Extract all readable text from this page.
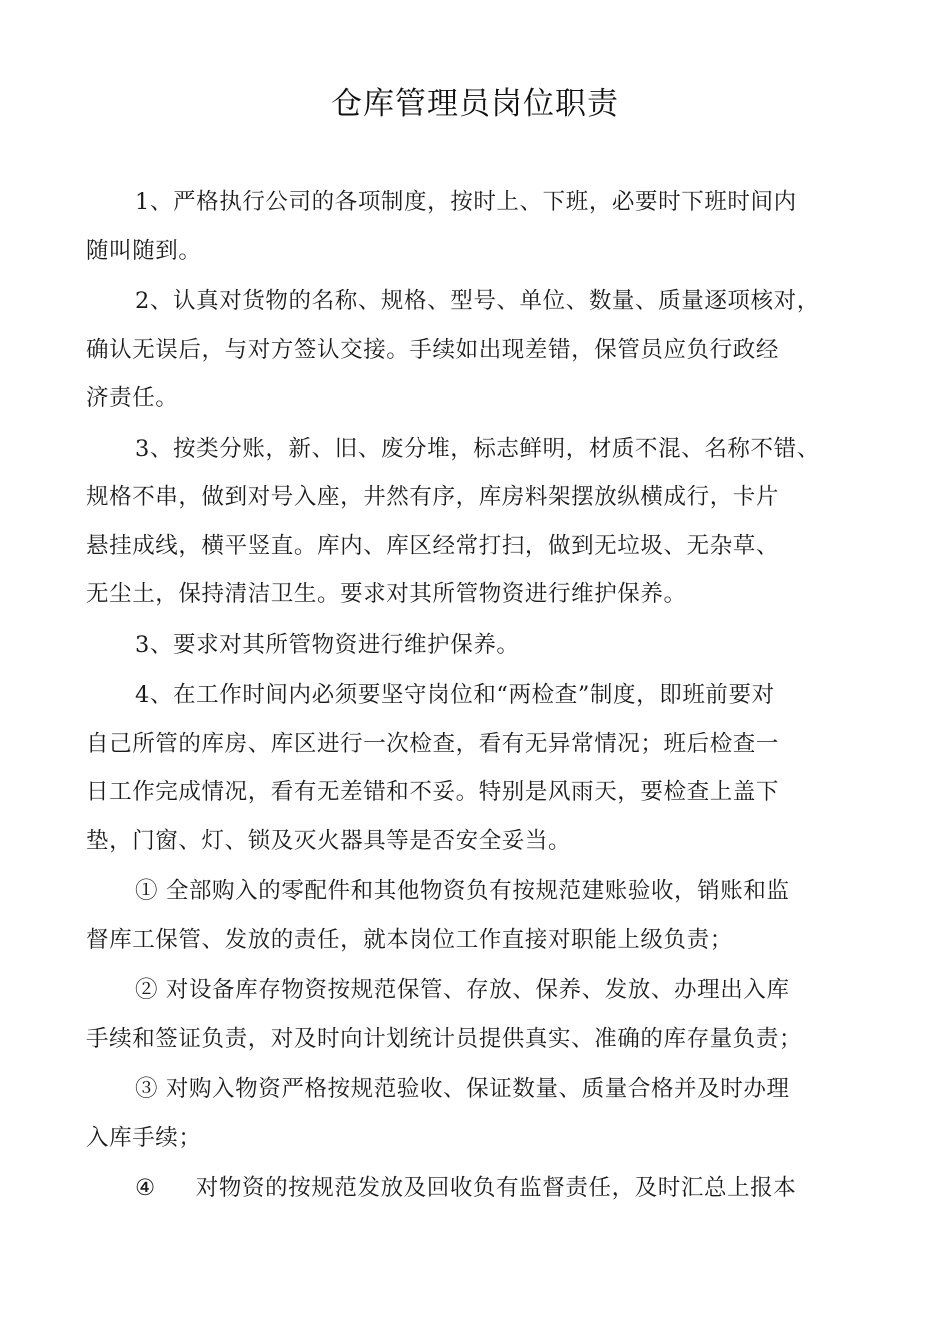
仓库管理员岗位职责
1、严格执行公司的各项制度，按时上、下班，必要时下班时间内
随叫随到。
2、认真对货物的名称、规格、型号、单位、数量、质量逐项核对，
确认无误后，与对方签认交接。手续如出现差错，保管员应负行政经
济责任。
3、按类分账，新、旧、废分堆，标志鲜明，材质不混、名称不错、
规格不串，做到对号入座，井然有序，库房料架摆放纵横成行，卡片
悬挂成线，横平竖直。库内、库区经常打扫，做到无垃圾、无杂草、
无尘土，保持清洁卫生。要求对其所管物资进行维护保养。
3、要求对其所管物资进行维护保养。
4、在工作时间内必须要坚守岗位和“两检查”制度，即班前要对
自己所管的库房、库区进行一次检查，看有无异常情况；班后检查一
日工作完成情况，看有无差错和不妥。特别是风雨天，要检查上盖下
垫，门窗、灯、锁及灭火器具等是否安全妥当。
① 全部购入的零配件和其他物资负有按规范建账验收，销账和监
督库工保管、发放的责任，就本岗位工作直接对职能上级负责；
② 对设备库存物资按规范保管、存放、保养、发放、办理出入库
手续和签证负责，对及时向计划统计员提供真实、准确的库存量负责；
③ 对购入物资严格按规范验收、保证数量、质量合格并及时办理
入库手续；
④ 对物资的按规范发放及回收负有监督责任，及时汇总上报本
